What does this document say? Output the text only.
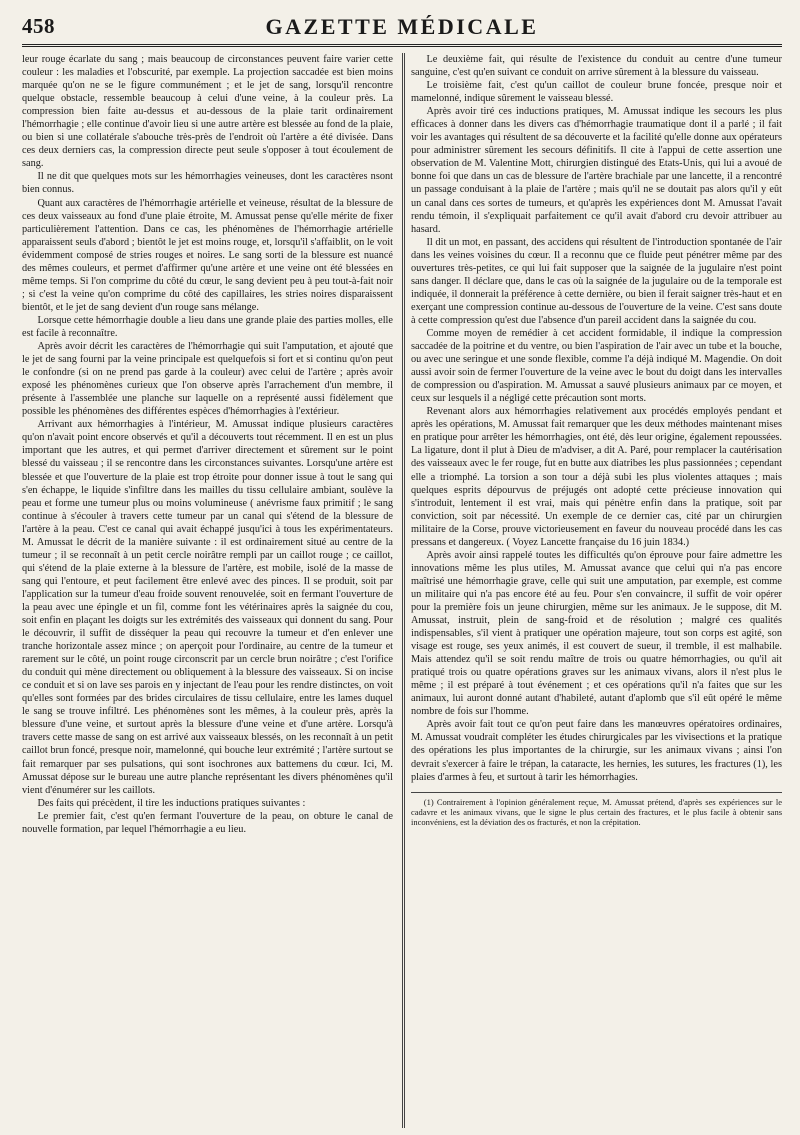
458	GAZETTE MÉDICALE

leur rouge écarlate du sang ; mais beaucoup de circonstances peuvent faire varier cette couleur : les maladies et l'obscurité, par exemple. La projection saccadée est bien moins marquée qu'on ne se le figure communément ; et le jet de sang, lorsqu'il rencontre quelque obstacle, ressemble beaucoup à celui d'une veine, à la couleur près. La compression bien faite au-dessus et au-dessous de la plaie tarit ordinairement l'hémorrhagie ; elle continue d'avoir lieu si une autre artère est blessée au fond de la plaie, ou bien si une collatérale s'abouche très-près de l'endroit où l'artère a été divisée. Dans ces deux derniers cas, la compression directe peut seule s'opposer à tout écoulement de sang.

Il ne dit que quelques mots sur les hémorrhagies veineuses, dont les caractères nsont bien connus.

Quant aux caractères de l'hémorrhagie artérielle et veineuse, résultat de la blessure de ces deux vaisseaux au fond d'une plaie étroite, M. Amussat pense qu'elle mérite de fixer particulièrement l'attention. Dans ce cas, les phénomènes de l'hémorrhagie artérielle apparaissent seuls d'abord ; bientôt le jet est moins rouge, et, lorsqu'il s'affaiblit, on le voit évidemment composé de stries rouges et noires. Le sang sorti de la blessure est nuancé des mêmes couleurs, et permet d'affirmer qu'une artère et une veine ont été blessées en même temps. Si l'on comprime du côté du cœur, le sang devient peu à peu tout-à-fait noir ; si c'est la veine qu'on comprime du côté des capillaires, les stries noires disparaissent bientôt, et le jet de sang devient d'un rouge sans mélange.

Lorsque cette hémorrhagie double a lieu dans une grande plaie des parties molles, elle est facile à reconnaître.

Après avoir décrit les caractères de l'hémorrhagie qui suit l'amputation, et ajouté que le jet de sang fourni par la veine principale est quelquefois si fort et si continu qu'on peut le confondre (si on ne prend pas garde à la couleur) avec celui de l'artère ; après avoir exposé les phénomènes curieux que l'on observe après l'arrachement d'un membre, il présente à l'assemblée une planche sur laquelle on a représenté aussi fidèlement que possible les phénomènes des différentes espèces d'hémorrhagies à l'extérieur.

Arrivant aux hémorrhagies à l'intérieur, M. Amussat indique plusieurs caractères qu'on n'avait point encore observés et qu'il a découverts tout récemment. Il en est un plus important que les autres, et qui permet d'arriver directement et sûrement sur le point blessé du vaisseau ; il se rencontre dans les circonstances suivantes. Lorsqu'une artère est blessée et que l'ouverture de la plaie est trop étroite pour donner issue à tout le sang qui s'en échappe, le liquide s'infiltre dans les mailles du tissu cellulaire ambiant, soulève la peau et forme une tumeur plus ou moins volumineuse ( anévrisme faux primitif ; le sang continue à s'écouler à travers cette tumeur par un canal qui s'étend de la blessure de l'artère à la peau. C'est ce canal qui avait échappé jusqu'ici à tous les expérimentateurs. M. Amussat le décrit de la manière suivante : il est ordinairement situé au centre de la tumeur ; il se reconnaît à un petit cercle noirâtre rempli par un caillot rouge ; ce caillot, qui s'étend de la plaie externe à la blessure de l'artère, est mobile, isolé de la masse de sang qui l'entoure, et peut facilement être enlevé avec des pinces. Il se produit, soit par l'application sur la tumeur d'eau froide souvent renouvelée, soit en fermant l'ouverture de la peau avec une épingle et un fil, comme font les vétérinaires après la saignée du cou, soit enfin en plaçant les doigts sur les extrémités des vaisseaux qui donnent du sang. Pour le découvrir, il suffit de disséquer la peau qui recouvre la tumeur et d'en enlever une tranche horizontale assez mince ; on aperçoit pour l'ordinaire, au centre de la tumeur et rarement sur le côté, un point rouge circonscrit par un cercle brun noirâtre ; c'est l'orifice du conduit qui mène directement ou obliquement à la blessure des vaisseaux. Si on incise ce conduit et si on lave ses parois en y injectant de l'eau pour les rendre distinctes, on voit qu'elles sont formées par des brides circulaires de tissu cellulaire, entre les lames duquel le sang se trouve infiltré. Les phénomènes sont les mêmes, à la couleur près, après la blessure d'une veine, et surtout après la blessure d'une veine et d'une artère. Lorsqu'à travers cette masse de sang on est arrivé aux vaisseaux blessés, on les reconnaît à un petit caillot brun foncé, presque noir, mamelonné, qui bouche leur extrémité ; l'artère surtout se fait remarquer par ses pulsations, qui sont isochrones aux battemens du cœur. Ici, M. Amussat dépose sur le bureau une autre planche représentant les divers phénomènes qu'il vient d'énumérer sur les caillots.

Des faits qui précèdent, il tire les inductions pratiques suivantes :

Le premier fait, c'est qu'en fermant l'ouverture de la peau, on obture le canal de nouvelle formation, par lequel l'hémorrhagie a eu lieu.

Le deuxième fait, qui résulte de l'existence du conduit au centre d'une tumeur sanguine, c'est qu'en suivant ce conduit on arrive sûrement à la blessure du vaisseau.

Le troisième fait, c'est qu'un caillot de couleur brune foncée, presque noir et mamelonné, indique sûrement le vaisseau blessé.

Après avoir tiré ces inductions pratiques, M. Amussat indique les secours les plus efficaces à donner dans les divers cas d'hémorrhagie traumatique dont il a parlé ; il fait voir les avantages qui résultent de sa découverte et la facilité qu'elle donne aux opérateurs pour administrer sûrement les secours définitifs. Il cite à l'appui de cette assertion une observation de M. Valentine Mott, chirurgien distingué des Etats-Unis, qui lui a avoué de bonne foi que dans un cas de blessure de l'artère brachiale par une lancette, il a rencontré un passage conduisant à la plaie de l'artère ; mais qu'il ne se doutait pas alors qu'il y eût un canal dans ces sortes de tumeurs, et qu'après les expériences dont M. Amussat l'avait rendu témoin, il s'expliquait parfaitement ce qu'il avait d'abord cru devoir attribuer au hasard.

Il dit un mot, en passant, des accidens qui résultent de l'introduction spontanée de l'air dans les veines voisines du cœur. Il a reconnu que ce fluide peut pénétrer même par des ouvertures très-petites, ce qui lui fait supposer que la saignée de la jugulaire n'est point sans danger. Il déclare que, dans le cas où la saignée de la jugulaire ou de la temporale est indiquée, il donnerait la préférence à cette dernière, ou bien il ferait saigner très-haut et en exerçant une compression continue au-dessous de l'ouverture de la veine. C'est sans doute à cette compression qu'est due l'absence d'un pareil accident dans la saignée du cou.

Comme moyen de remédier à cet accident formidable, il indique la compression saccadée de la poitrine et du ventre, ou bien l'aspiration de l'air avec un tube et la bouche, ou avec une seringue et une sonde flexible, comme l'a déjà indiqué M. Magendie. On doit aussi avoir soin de fermer l'ouverture de la veine avec le bout du doigt dans les intervalles de compression ou d'aspiration. M. Amussat a sauvé plusieurs animaux par ce moyen, et ceux sur lesquels il a négligé cette précaution sont morts.

Revenant alors aux hémorrhagies relativement aux procédés employés pendant et après les opérations, M. Amussat fait remarquer que les deux méthodes maintenant mises en pratique pour arrêter les hémorrhagies, ont été, dès leur origine, également repoussées. La ligature, dont il plut à Dieu de m'adviser, a dit A. Paré, pour remplacer la cautérisation des vaisseaux avec le fer rouge, fut en butte aux diatribes les plus passionnées ; cependant elle a triomphé. La torsion a son tour a déjà subi les plus violentes attaques ; mais quelques esprits dépourvus de préjugés ont adopté cette précieuse innovation qui s'introduit, lentement il est vrai, mais qui pénètre enfin dans la pratique, soit par conviction, soit par nécessité. Un exemple de ce dernier cas, cité par un chirurgien militaire de la Corse, prouve victorieusement en faveur du nouveau procédé dans les cas pressans et dangereux. ( Voyez Lancette française du 16 juin 1834.)

Après avoir ainsi rappelé toutes les difficultés qu'on éprouve pour faire admettre les innovations même les plus utiles, M. Amussat avance que celui qui n'a pas encore maîtrisé une hémorrhagie grave, celle qui suit une amputation, par exemple, est comme un militaire qui n'a pas encore été au feu. Pour s'en convaincre, il suffit de voir opérer pour la première fois un jeune chirurgien, même sur les animaux. Je le suppose, dit M. Amussat, instruit, plein de sang-froid et de résolution ; malgré ces qualités indispensables, s'il vient à pratiquer une opération majeure, tout son corps est agité, son visage est rouge, ses yeux animés, il est couvert de sueur, il tremble, il est malhabile. Mais attendez qu'il se soit rendu maître de trois ou quatre hémorrhagies, ou qu'il ait pratiqué trois ou quatre opérations graves sur les animaux vivans, alors il n'est plus le même ; il est préparé à tout événement ; et ces opérations qu'il n'a faites que sur les animaux, lui auront donné autant d'habileté, autant d'aplomb que s'il eût opéré le même nombre de fois sur l'homme.

Après avoir fait tout ce qu'on peut faire dans les manœuvres opératoires ordinaires, M. Amussat voudrait compléter les études chirurgicales par les vivisections et la pratique des opérations les plus importantes de la chirurgie, sur les animaux vivans ; ainsi l'on devrait s'exercer à faire le trépan, la cataracte, les hernies, les sutures, les fractures (1), les plaies d'armes à feu, et surtout à tarir les hémorrhagies.

(1) Contrairement à l'opinion généralement reçue, M. Amussat prétend, d'après ses expériences sur le cadavre et les animaux vivans, que le signe le plus certain des fractures, et le plus facile à obtenir sans inconvéniens, est la déviation des os fracturés, et non la crépitation.
